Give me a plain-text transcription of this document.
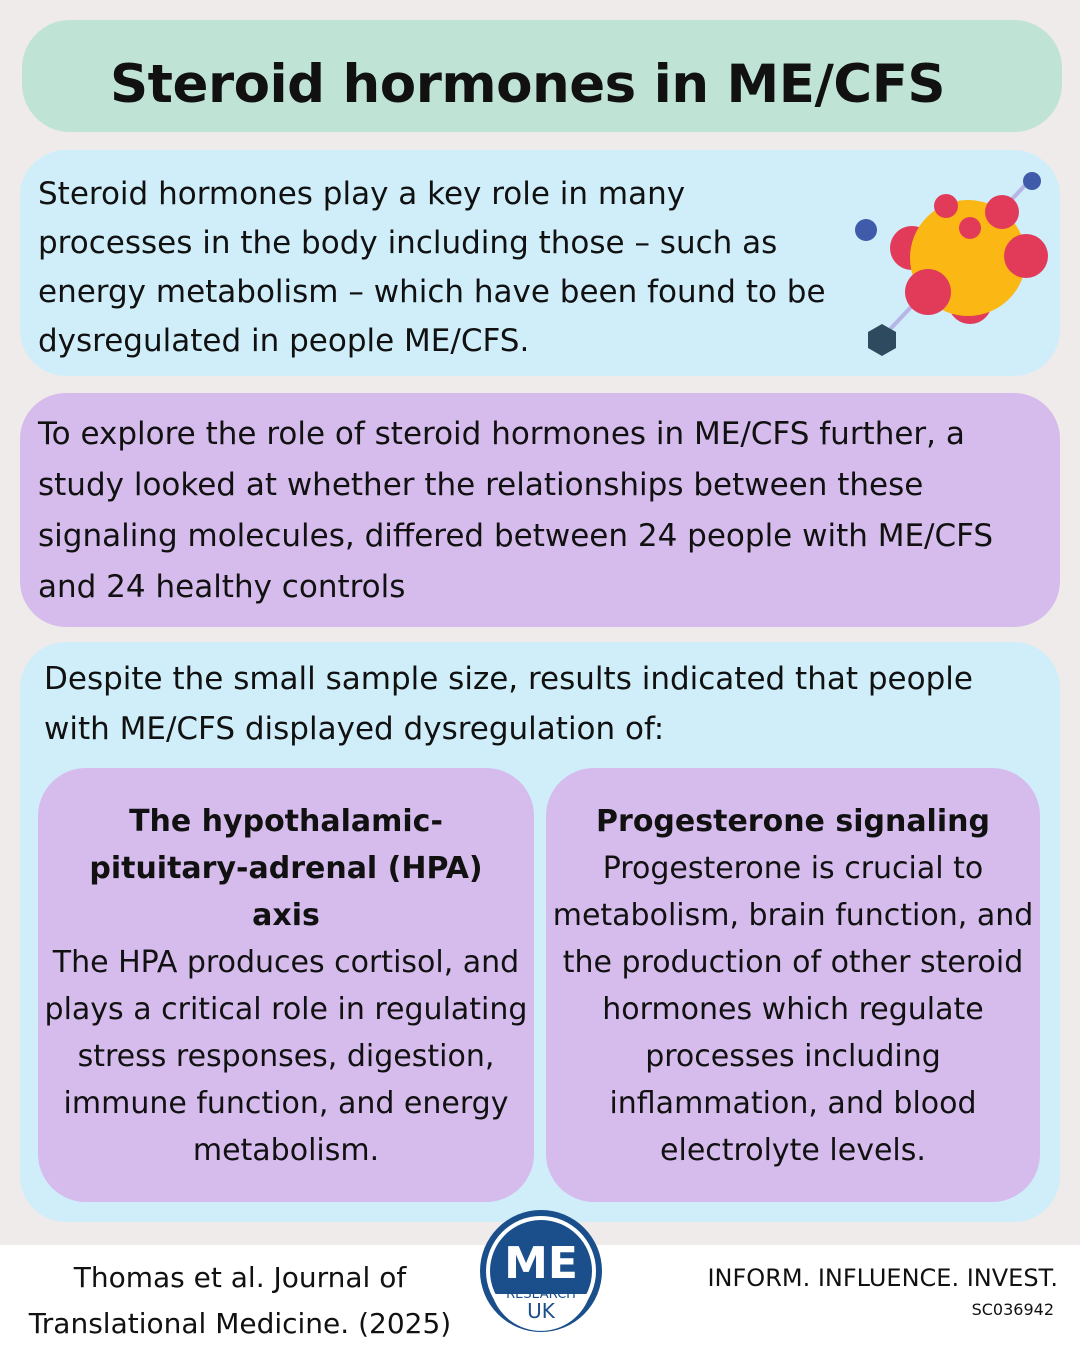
Steroid hormones in ME/CFS

Steroid hormones play a key role in many processes in the body including those – such as energy metabolism – which have been found to be dysregulated in people ME/CFS.

To explore the role of steroid hormones in ME/CFS further, a study looked at whether the relationships between these signaling molecules, differed between 24 people with ME/CFS and 24 healthy controls

Despite the small sample size, results indicated that people with ME/CFS displayed dysregulation of:

The hypothalamic-pituitary-adrenal (HPA) axis

The HPA produces cortisol, and plays a critical role in regulating stress responses, digestion, immune function, and energy metabolism.

Progesterone signaling

Progesterone is crucial to metabolism, brain function, and the production of other steroid hormones which regulate processes including inflammation, and blood electrolyte levels.

Thomas et al. Journal of Translational Medicine. (2025)

ME
RESEARCH
UK

INFORM. INFLUENCE. INVEST.

SC036942
